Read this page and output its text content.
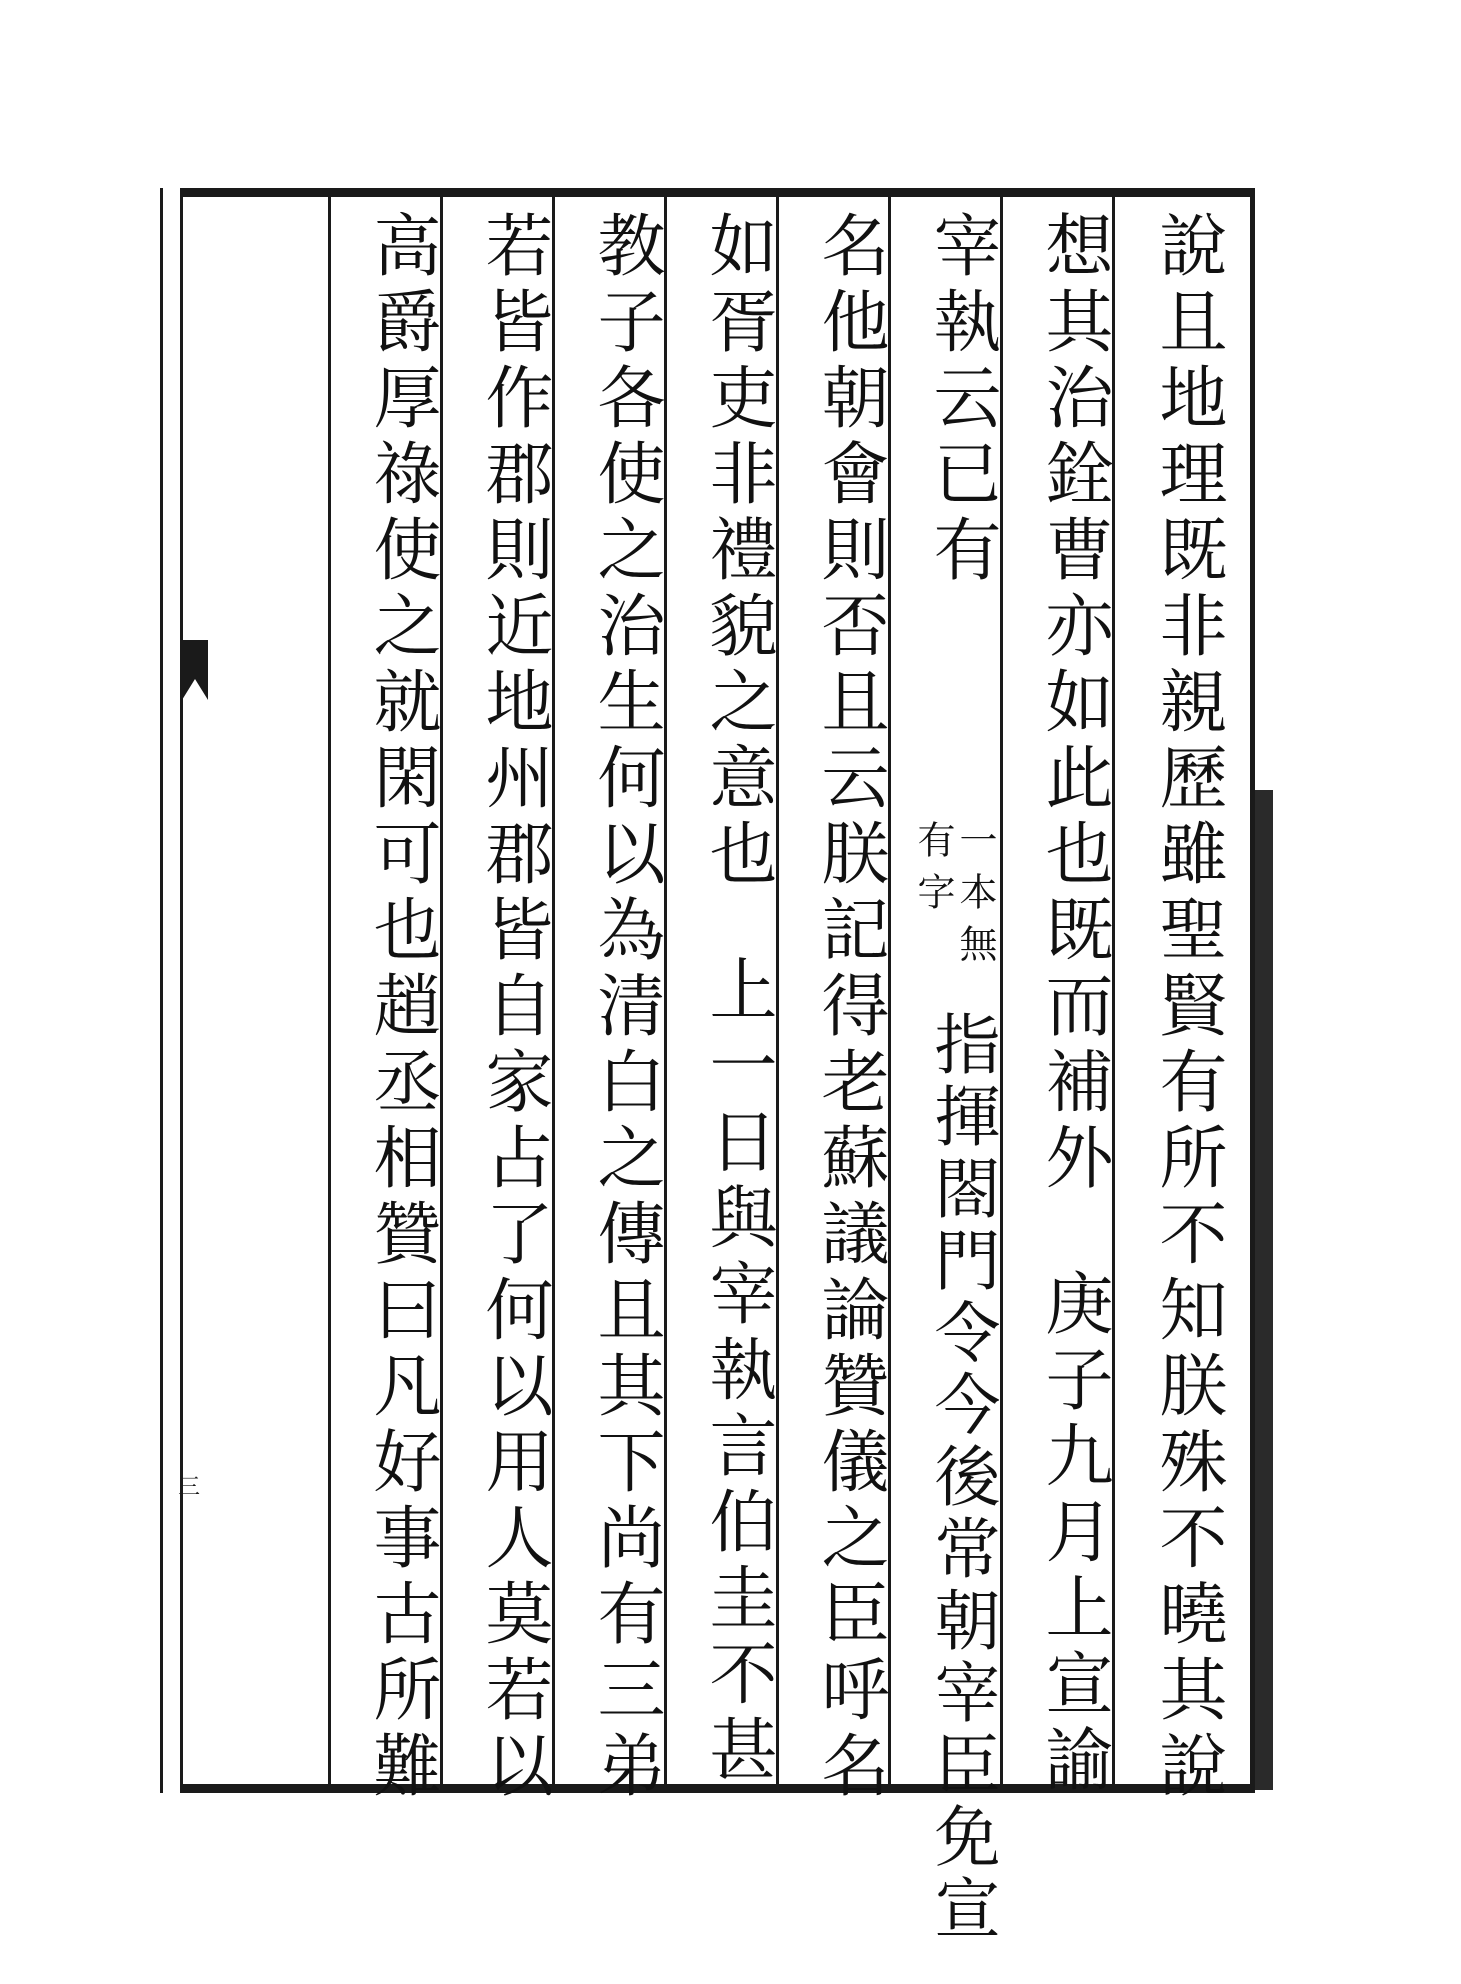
三	說且地理既非親歷雖聖賢有所不知朕殊不曉其說
想其治銓曹亦如此也既而補外庚子九月上宣諭
宰執云已有
一本無
有字
指揮閤門令今後常朝宰臣免宣
名他朝會則否且云朕記得老蘇議論贊儀之臣呼名
如胥吏非禮貌之意也上一日與宰執言伯圭不甚
教子各使之治生何以為清白之傳且其下尚有三弟
若皆作郡則近地州郡皆自家占了何以用人莫若以
高爵厚祿使之就閑可也趙丞相贊曰凡好事古所難
